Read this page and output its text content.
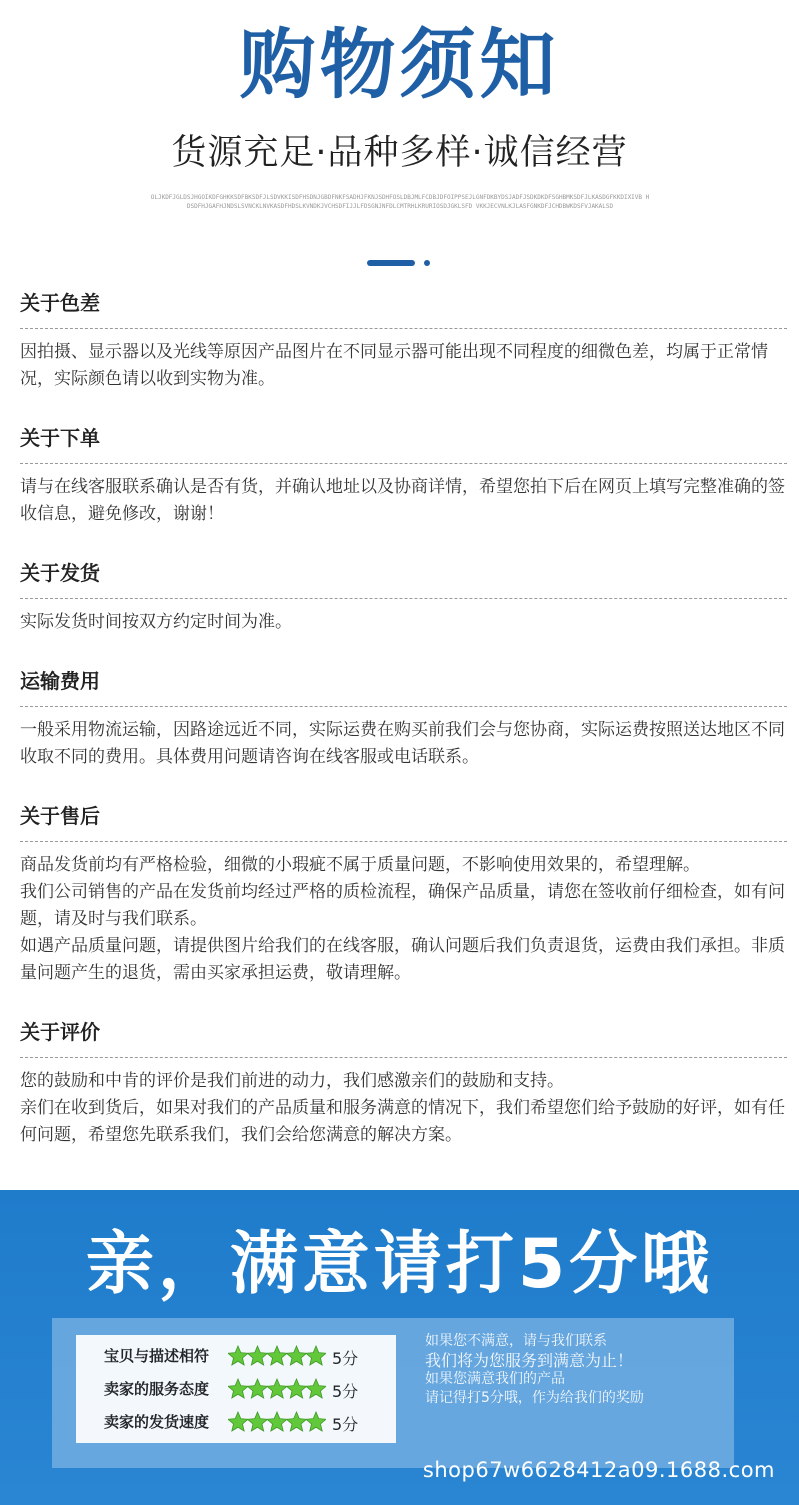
购物须知
货源充足·品种多样·诚信经营
OLJKDFJGLDSJHGOIKDFGHKKSDFBKSDFJLSDVKKISDFHSDNJGBDFNKFSADHJFKNJSDHFOSLDBJMLFCDBJDFOIPPSEJLGNFDKBYDSJADFJSDKDKDFSGHBMKSDFJLKASDGFKKDIXIVB HDSDFHJGAFHJNDSLSVNCKLNVKASDFHDSLKVNDKJVCHSDFIJJLFDSGNJNFDLCMTRHLKRURIOSDJGKLSFD VKKJECVNLKJLASFGNKDFJCHDBWKDSFVJAKALSD
关于色差

因拍摄、显示器以及光线等原因产品图片在不同显示器可能出现不同程度的细微色差，均属于正常情况，实际颜色请以收到实物为准。

关于下单

请与在线客服联系确认是否有货，并确认地址以及协商详情，希望您拍下后在网页上填写完整准确的签收信息，避免修改，谢谢！

关于发货

实际发货时间按双方约定时间为准。

运输费用

一般采用物流运输，因路途远近不同，实际运费在购买前我们会与您协商，实际运费按照送达地区不同收取不同的费用。具体费用问题请咨询在线客服或电话联系。

关于售后

商品发货前均有严格检验，细微的小瑕疵不属于质量问题，不影响使用效果的，希望理解。

我们公司销售的产品在发货前均经过严格的质检流程，确保产品质量，请您在签收前仔细检查，如有问题，请及时与我们联系。

如遇产品质量问题，请提供图片给我们的在线客服，确认问题后我们负责退货，运费由我们承担。非质量问题产生的退货，需由买家承担运费，敬请理解。

关于评价

您的鼓励和中肯的评价是我们前进的动力，我们感激亲们的鼓励和支持。

亲们在收到货后，如果对我们的产品质量和服务满意的情况下，我们希望您们给予鼓励的好评，如有任何问题，希望您先联系我们，我们会给您满意的解决方案。

亲，满意请打5分哦
宝贝与描述相符	5分
卖家的服务态度	5分
卖家的发货速度	5分
如果您不满意，请与我们联系
我们将为您服务到满意为止！
如果您满意我们的产品
请记得打5分哦，作为给我们的奖励
shop67w6628412a09.1688.com
